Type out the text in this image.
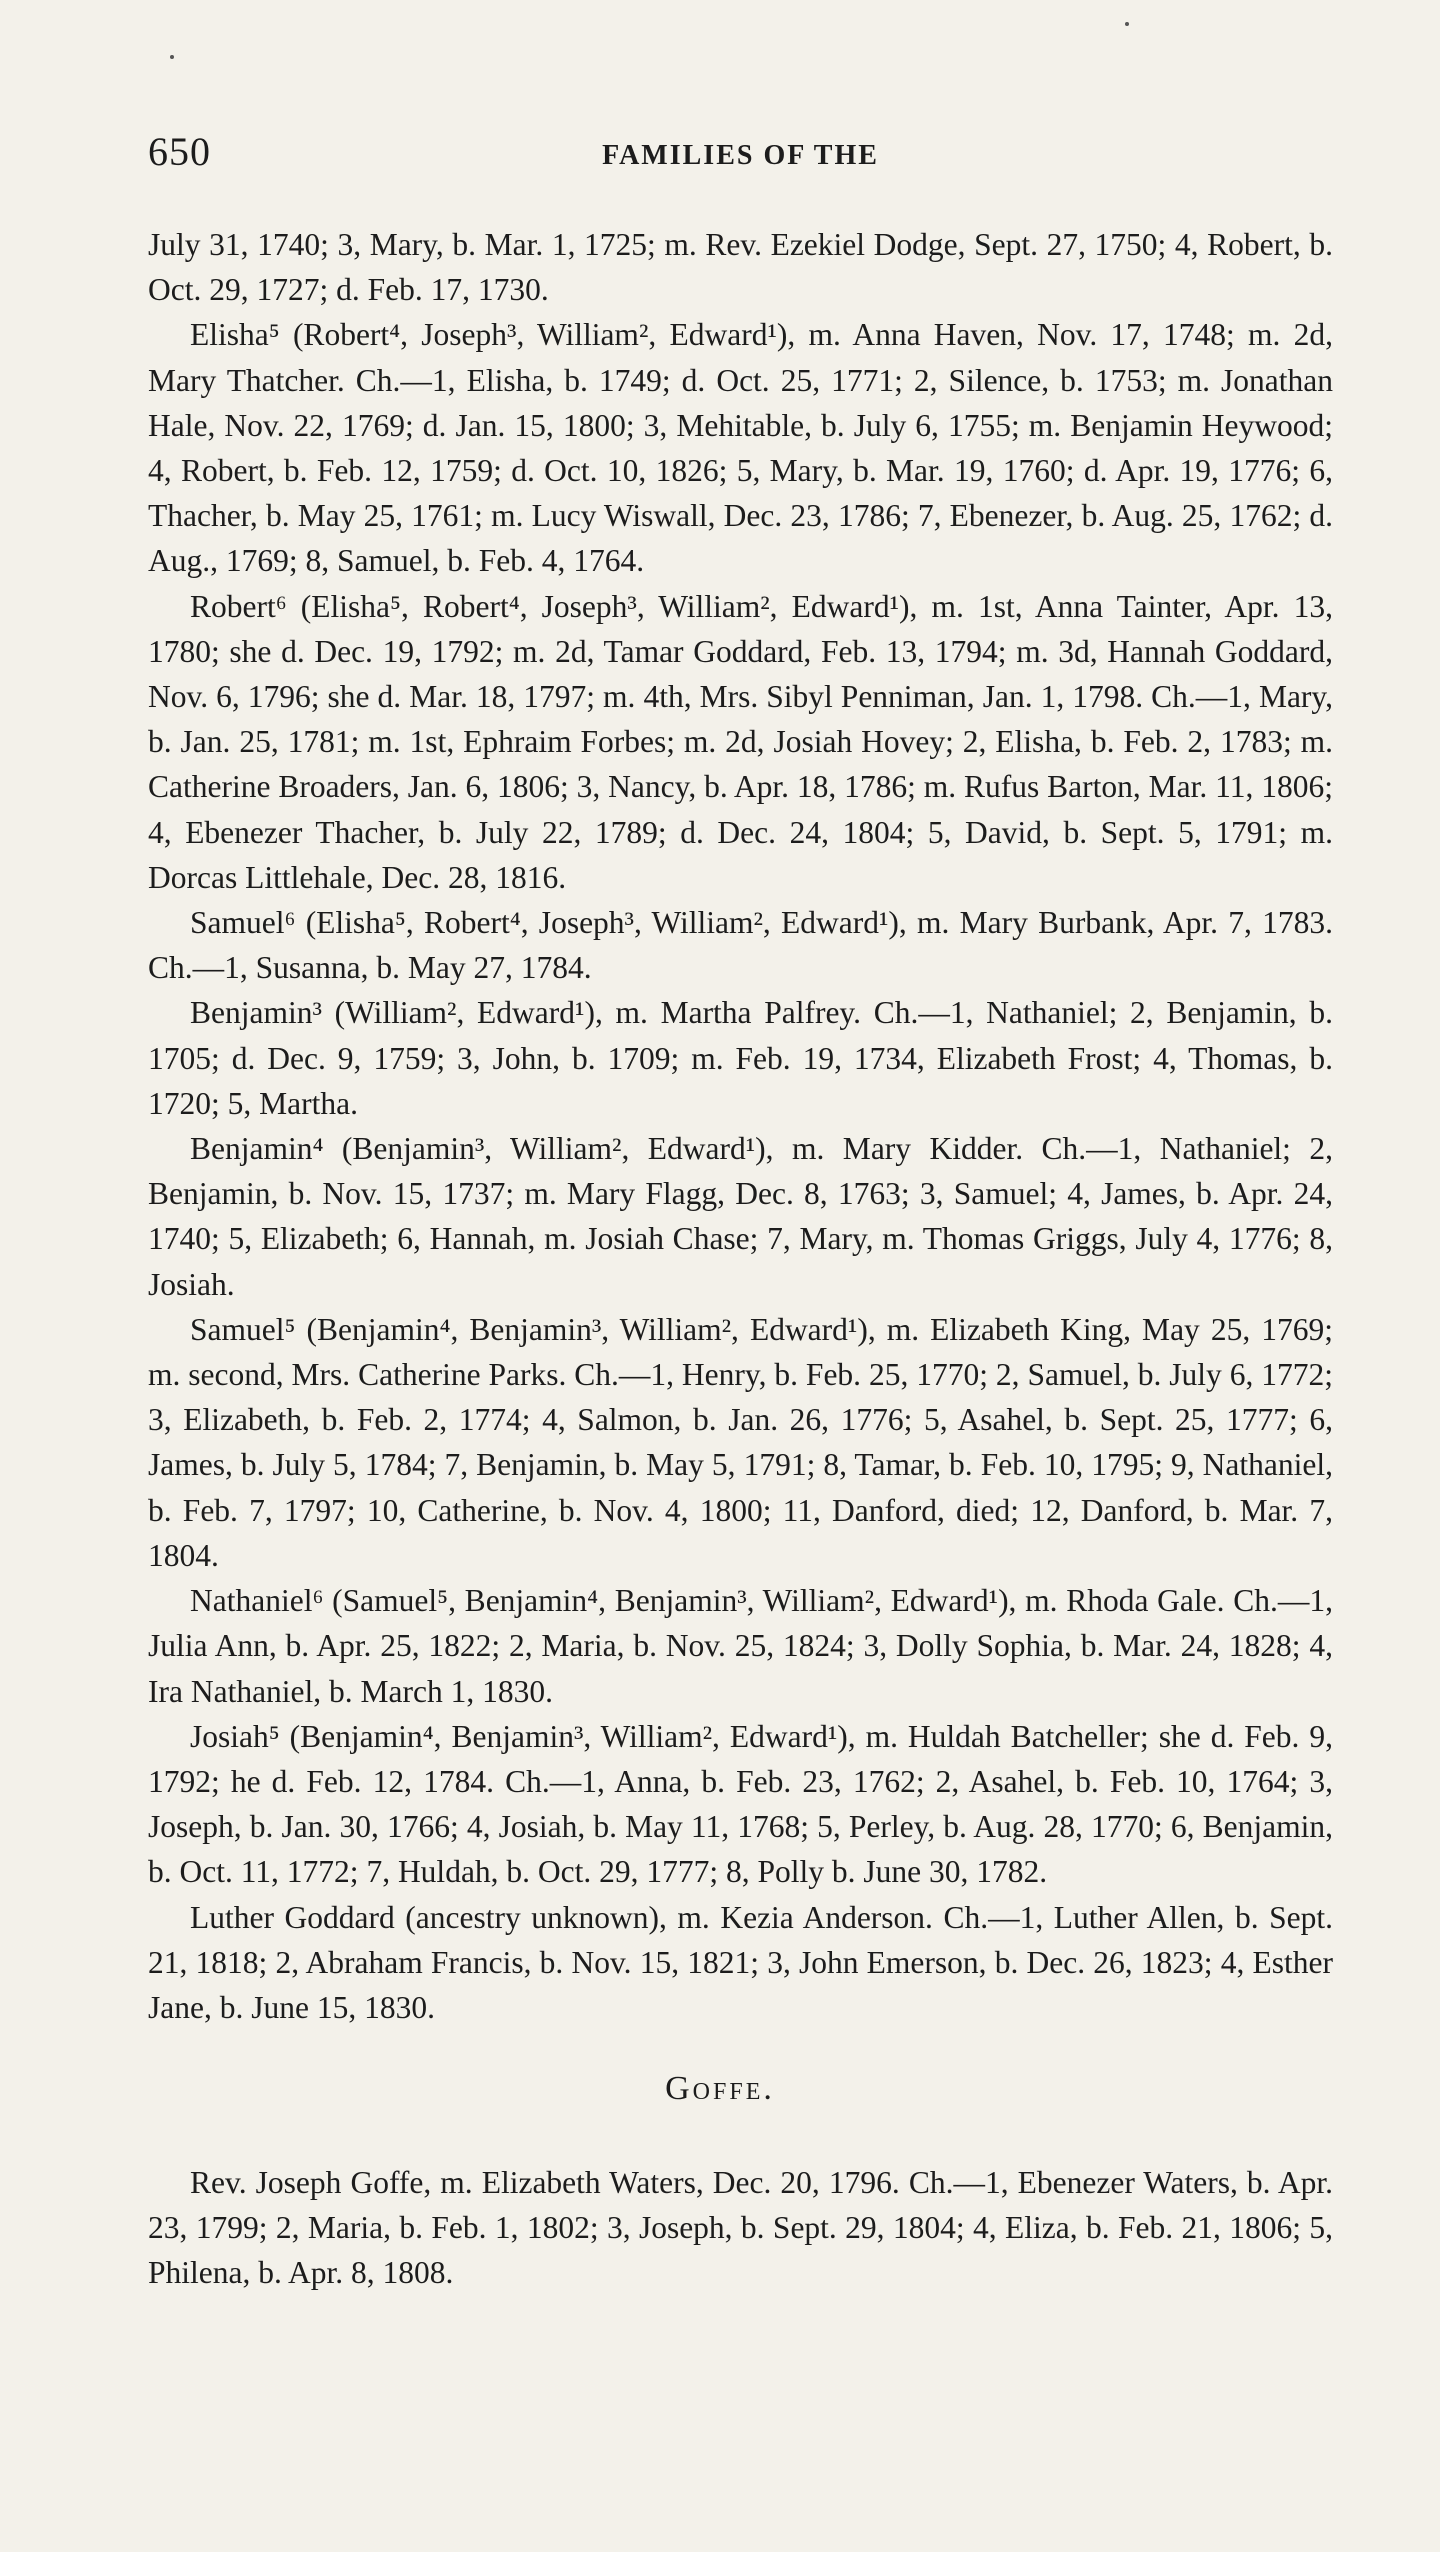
650	FAMILIES OF THE

July 31, 1740; 3, Mary, b. Mar. 1, 1725; m. Rev. Ezekiel Dodge, Sept. 27, 1750; 4, Robert, b. Oct. 29, 1727; d. Feb. 17, 1730.

Elisha⁵ (Robert⁴, Joseph³, William², Edward¹), m. Anna Haven, Nov. 17, 1748; m. 2d, Mary Thatcher. Ch.—1, Elisha, b. 1749; d. Oct. 25, 1771; 2, Silence, b. 1753; m. Jonathan Hale, Nov. 22, 1769; d. Jan. 15, 1800; 3, Mehitable, b. July 6, 1755; m. Benjamin Heywood; 4, Robert, b. Feb. 12, 1759; d. Oct. 10, 1826; 5, Mary, b. Mar. 19, 1760; d. Apr. 19, 1776; 6, Thacher, b. May 25, 1761; m. Lucy Wiswall, Dec. 23, 1786; 7, Ebenezer, b. Aug. 25, 1762; d. Aug., 1769; 8, Samuel, b. Feb. 4, 1764.

Robert⁶ (Elisha⁵, Robert⁴, Joseph³, William², Edward¹), m. 1st, Anna Tainter, Apr. 13, 1780; she d. Dec. 19, 1792; m. 2d, Tamar Goddard, Feb. 13, 1794; m. 3d, Hannah Goddard, Nov. 6, 1796; she d. Mar. 18, 1797; m. 4th, Mrs. Sibyl Penniman, Jan. 1, 1798. Ch.—1, Mary, b. Jan. 25, 1781; m. 1st, Ephraim Forbes; m. 2d, Josiah Hovey; 2, Elisha, b. Feb. 2, 1783; m. Catherine Broaders, Jan. 6, 1806; 3, Nancy, b. Apr. 18, 1786; m. Rufus Barton, Mar. 11, 1806; 4, Ebenezer Thacher, b. July 22, 1789; d. Dec. 24, 1804; 5, David, b. Sept. 5, 1791; m. Dorcas Littlehale, Dec. 28, 1816.

Samuel⁶ (Elisha⁵, Robert⁴, Joseph³, William², Edward¹), m. Mary Burbank, Apr. 7, 1783. Ch.—1, Susanna, b. May 27, 1784.

Benjamin³ (William², Edward¹), m. Martha Palfrey. Ch.—1, Nathaniel; 2, Benjamin, b. 1705; d. Dec. 9, 1759; 3, John, b. 1709; m. Feb. 19, 1734, Elizabeth Frost; 4, Thomas, b. 1720; 5, Martha.

Benjamin⁴ (Benjamin³, William², Edward¹), m. Mary Kidder. Ch.—1, Nathaniel; 2, Benjamin, b. Nov. 15, 1737; m. Mary Flagg, Dec. 8, 1763; 3, Samuel; 4, James, b. Apr. 24, 1740; 5, Elizabeth; 6, Hannah, m. Josiah Chase; 7, Mary, m. Thomas Griggs, July 4, 1776; 8, Josiah.

Samuel⁵ (Benjamin⁴, Benjamin³, William², Edward¹), m. Elizabeth King, May 25, 1769; m. second, Mrs. Catherine Parks. Ch.—1, Henry, b. Feb. 25, 1770; 2, Samuel, b. July 6, 1772; 3, Elizabeth, b. Feb. 2, 1774; 4, Salmon, b. Jan. 26, 1776; 5, Asahel, b. Sept. 25, 1777; 6, James, b. July 5, 1784; 7, Benjamin, b. May 5, 1791; 8, Tamar, b. Feb. 10, 1795; 9, Nathaniel, b. Feb. 7, 1797; 10, Catherine, b. Nov. 4, 1800; 11, Danford, died; 12, Danford, b. Mar. 7, 1804.

Nathaniel⁶ (Samuel⁵, Benjamin⁴, Benjamin³, William², Edward¹), m. Rhoda Gale. Ch.—1, Julia Ann, b. Apr. 25, 1822; 2, Maria, b. Nov. 25, 1824; 3, Dolly Sophia, b. Mar. 24, 1828; 4, Ira Nathaniel, b. March 1, 1830.

Josiah⁵ (Benjamin⁴, Benjamin³, William², Edward¹), m. Huldah Batcheller; she d. Feb. 9, 1792; he d. Feb. 12, 1784. Ch.—1, Anna, b. Feb. 23, 1762; 2, Asahel, b. Feb. 10, 1764; 3, Joseph, b. Jan. 30, 1766; 4, Josiah, b. May 11, 1768; 5, Perley, b. Aug. 28, 1770; 6, Benjamin, b. Oct. 11, 1772; 7, Huldah, b. Oct. 29, 1777; 8, Polly b. June 30, 1782.

Luther Goddard (ancestry unknown), m. Kezia Anderson. Ch.—1, Luther Allen, b. Sept. 21, 1818; 2, Abraham Francis, b. Nov. 15, 1821; 3, John Emerson, b. Dec. 26, 1823; 4, Esther Jane, b. June 15, 1830.

Goffe.

Rev. Joseph Goffe, m. Elizabeth Waters, Dec. 20, 1796. Ch.—1, Ebenezer Waters, b. Apr. 23, 1799; 2, Maria, b. Feb. 1, 1802; 3, Joseph, b. Sept. 29, 1804; 4, Eliza, b. Feb. 21, 1806; 5, Philena, b. Apr. 8, 1808.
